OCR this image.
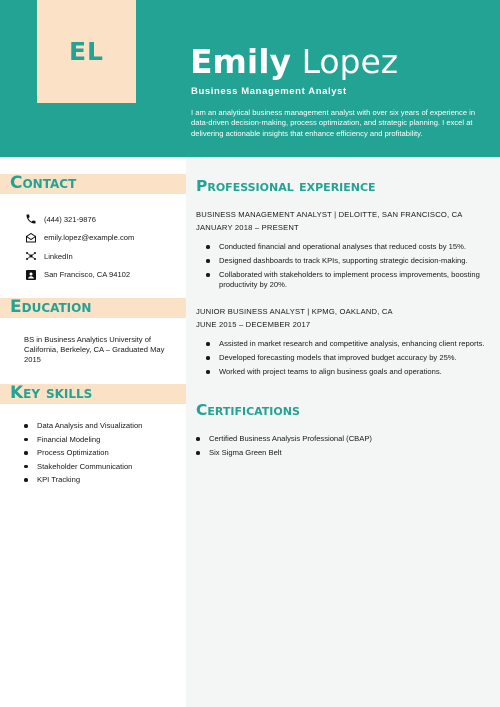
EL	Emily Lopez
Business Management Analyst
I am an analytical business management analyst with over six years of experience in data-driven decision-making, process optimization, and strategic planning. I excel at delivering actionable insights that enhance efficiency and profitability.
Contact
(444) 321-9876
emily.lopez@example.com
LinkedIn
San Francisco, CA 94102
Education
BS in Business Analytics University of California, Berkeley, CA – Graduated May 2015
Key skills
Data Analysis and Visualization
Financial Modeling
Process Optimization
Stakeholder Communication
KPI Tracking
Professional experience
BUSINESS MANAGEMENT ANALYST | DELOITTE, SAN FRANCISCO, CA
JANUARY 2018 – PRESENT
Conducted financial and operational analyses that reduced costs by 15%.
Designed dashboards to track KPIs, supporting strategic decision-making.
Collaborated with stakeholders to implement process improvements, boosting productivity by 20%.
JUNIOR BUSINESS ANALYST | KPMG, OAKLAND, CA
JUNE 2015 – DECEMBER 2017
Assisted in market research and competitive analysis, enhancing client reports.
Developed forecasting models that improved budget accuracy by 25%.
Worked with project teams to align business goals and operations.
Certifications
Certified Business Analysis Professional (CBAP)
Six Sigma Green Belt
